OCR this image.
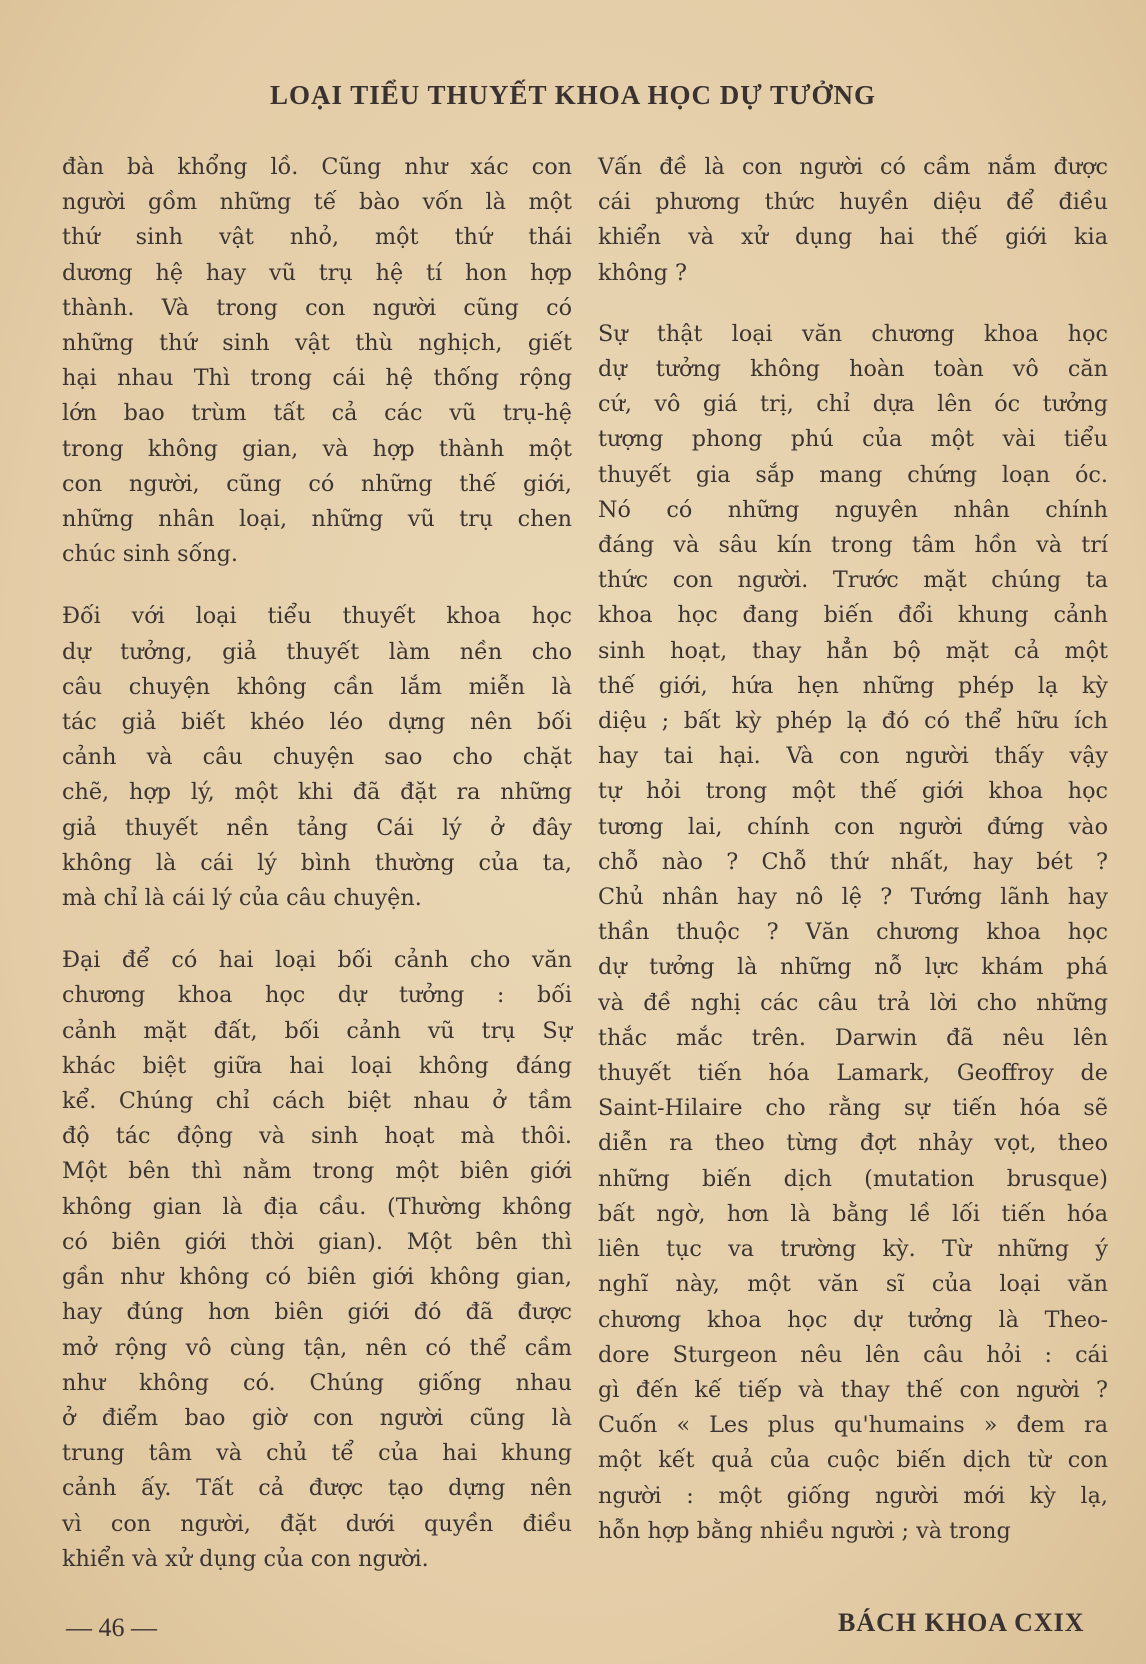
LOẠI TIỂU THUYẾT KHOA HỌC DỰ TƯỞNG
đàn bà khổng lồ. Cũng như xác con
người gồm những tế bào vốn là một
thứ sinh vật nhỏ, một thứ thái
dương hệ hay vũ trụ hệ tí hon hợp
thành. Và trong con người cũng có
những thứ sinh vật thù nghịch, giết
hại nhau Thì trong cái hệ thống rộng
lớn bao trùm tất cả các vũ trụ-hệ
trong không gian, và hợp thành một
con người, cũng có những thế giới,
những nhân loại, những vũ trụ chen
chúc sinh sống.
Đối với loại tiểu thuyết khoa học
dự tưởng, giả thuyết làm nền cho
câu chuyện không cần lắm miễn là
tác giả biết khéo léo dựng nên bối
cảnh và câu chuyện sao cho chặt
chẽ, hợp lý, một khi đã đặt ra những
giả thuyết nền tảng Cái lý ở đây
không là cái lý bình thường của ta,
mà chỉ là cái lý của câu chuyện.
Đại để có hai loại bối cảnh cho văn
chương khoa học dự tưởng : bối
cảnh mặt đất, bối cảnh vũ trụ Sự
khác biệt giữa hai loại không đáng
kể. Chúng chỉ cách biệt nhau ở tầm
độ tác động và sinh hoạt mà thôi.
Một bên thì nằm trong một biên giới
không gian là địa cầu. (Thường không
có biên giới thời gian). Một bên thì
gần như không có biên giới không gian,
hay đúng hơn biên giới đó đã được
mở rộng vô cùng tận, nên có thể cầm
như không có. Chúng giống nhau
ở điểm bao giờ con người cũng là
trung tâm và chủ tể của hai khung
cảnh ấy. Tất cả được tạo dựng nên
vì con người, đặt dưới quyền điều
khiển và xử dụng của con người.
Vấn đề là con người có cầm nắm được
cái phương thức huyền diệu để điều
khiển và xử dụng hai thế giới kia
không ?
Sự thật loại văn chương khoa học
dự tưởng không hoàn toàn vô căn
cứ, vô giá trị, chỉ dựa lên óc tưởng
tượng phong phú của một vài tiểu
thuyết gia sắp mang chứng loạn óc.
Nó có những nguyên nhân chính
đáng và sâu kín trong tâm hồn và trí
thức con người. Trước mặt chúng ta
khoa học đang biến đổi khung cảnh
sinh hoạt, thay hẳn bộ mặt cả một
thế giới, hứa hẹn những phép lạ kỳ
diệu ; bất kỳ phép lạ đó có thể hữu ích
hay tai hại. Và con người thấy vậy
tự hỏi trong một thế giới khoa học
tương lai, chính con người đứng vào
chỗ nào ? Chỗ thứ nhất, hay bét ?
Chủ nhân hay nô lệ ? Tướng lãnh hay
thần thuộc ? Văn chương khoa học
dự tưởng là những nỗ lực khám phá
và đề nghị các câu trả lời cho những
thắc mắc trên. Darwin đã nêu lên
thuyết tiến hóa Lamark, Geoffroy de
Saint-Hilaire cho rằng sự tiến hóa sẽ
diễn ra theo từng đợt nhảy vọt, theo
những biến dịch (mutation brusque)
bất ngờ, hơn là bằng lề lối tiến hóa
liên tục va trường kỳ. Từ những ý
nghĩ này, một văn sĩ của loại văn
chương khoa học dự tưởng là Theo-
dore Sturgeon nêu lên câu hỏi : cái
gì đến kế tiếp và thay thế con người ?
Cuốn « Les plus qu'humains » đem ra
một kết quả của cuộc biến dịch từ con
người : một giống người mới kỳ lạ,
hỗn hợp bằng nhiều người ; và trong
— 46 —	BÁCH KHOA CXIX
